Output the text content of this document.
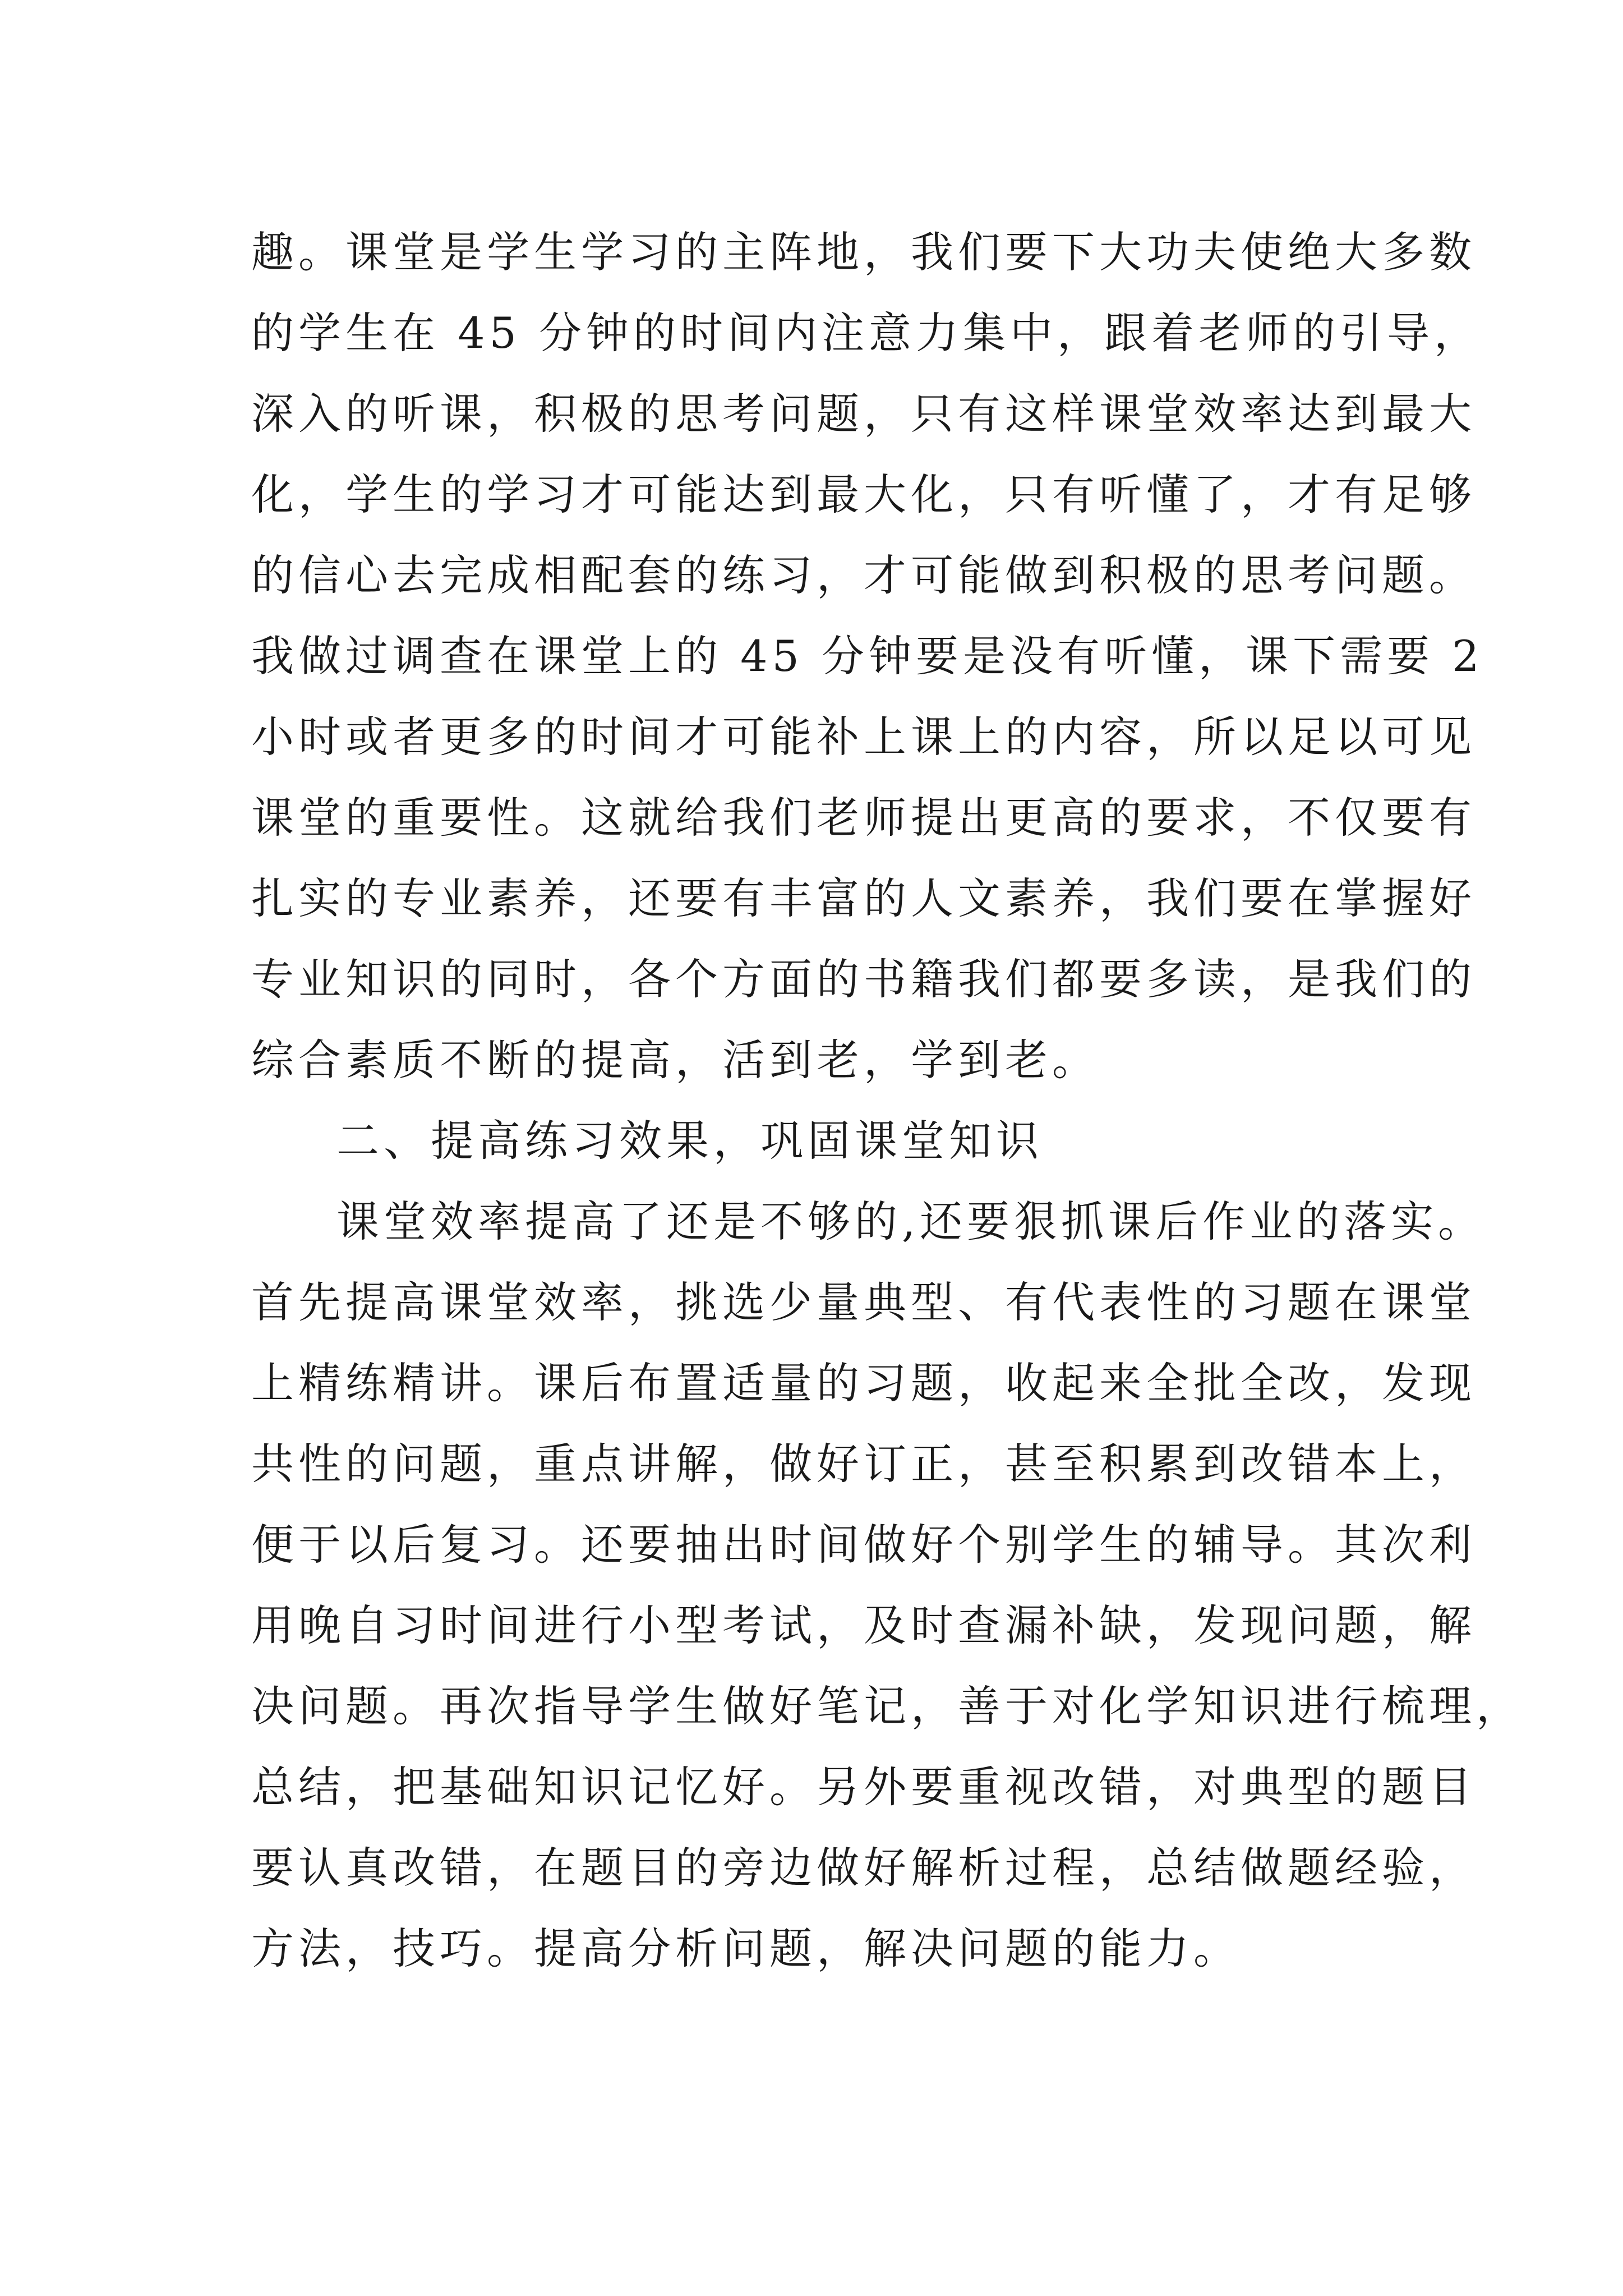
趣。课堂是学生学习的主阵地，我们要下大功夫使绝大多数
的学生在 45 分钟的时间内注意力集中，跟着老师的引导，
深入的听课，积极的思考问题，只有这样课堂效率达到最大
化，学生的学习才可能达到最大化，只有听懂了，才有足够
的信心去完成相配套的练习，才可能做到积极的思考问题。
我做过调查在课堂上的 45 分钟要是没有听懂，课下需要 2
小时或者更多的时间才可能补上课上的内容，所以足以可见
课堂的重要性。这就给我们老师提出更高的要求，不仅要有
扎实的专业素养，还要有丰富的人文素养，我们要在掌握好
专业知识的同时，各个方面的书籍我们都要多读，是我们的
综合素质不断的提高，活到老，学到老。
二、提高练习效果，巩固课堂知识
课堂效率提高了还是不够的,还要狠抓课后作业的落实。
首先提高课堂效率，挑选少量典型、有代表性的习题在课堂
上精练精讲。课后布置适量的习题，收起来全批全改，发现
共性的问题，重点讲解，做好订正，甚至积累到改错本上，
便于以后复习。还要抽出时间做好个别学生的辅导。其次利
用晚自习时间进行小型考试，及时查漏补缺，发现问题，解
决问题。再次指导学生做好笔记，善于对化学知识进行梳理，
总结，把基础知识记忆好。另外要重视改错，对典型的题目
要认真改错，在题目的旁边做好解析过程，总结做题经验，
方法，技巧。提高分析问题，解决问题的能力。
